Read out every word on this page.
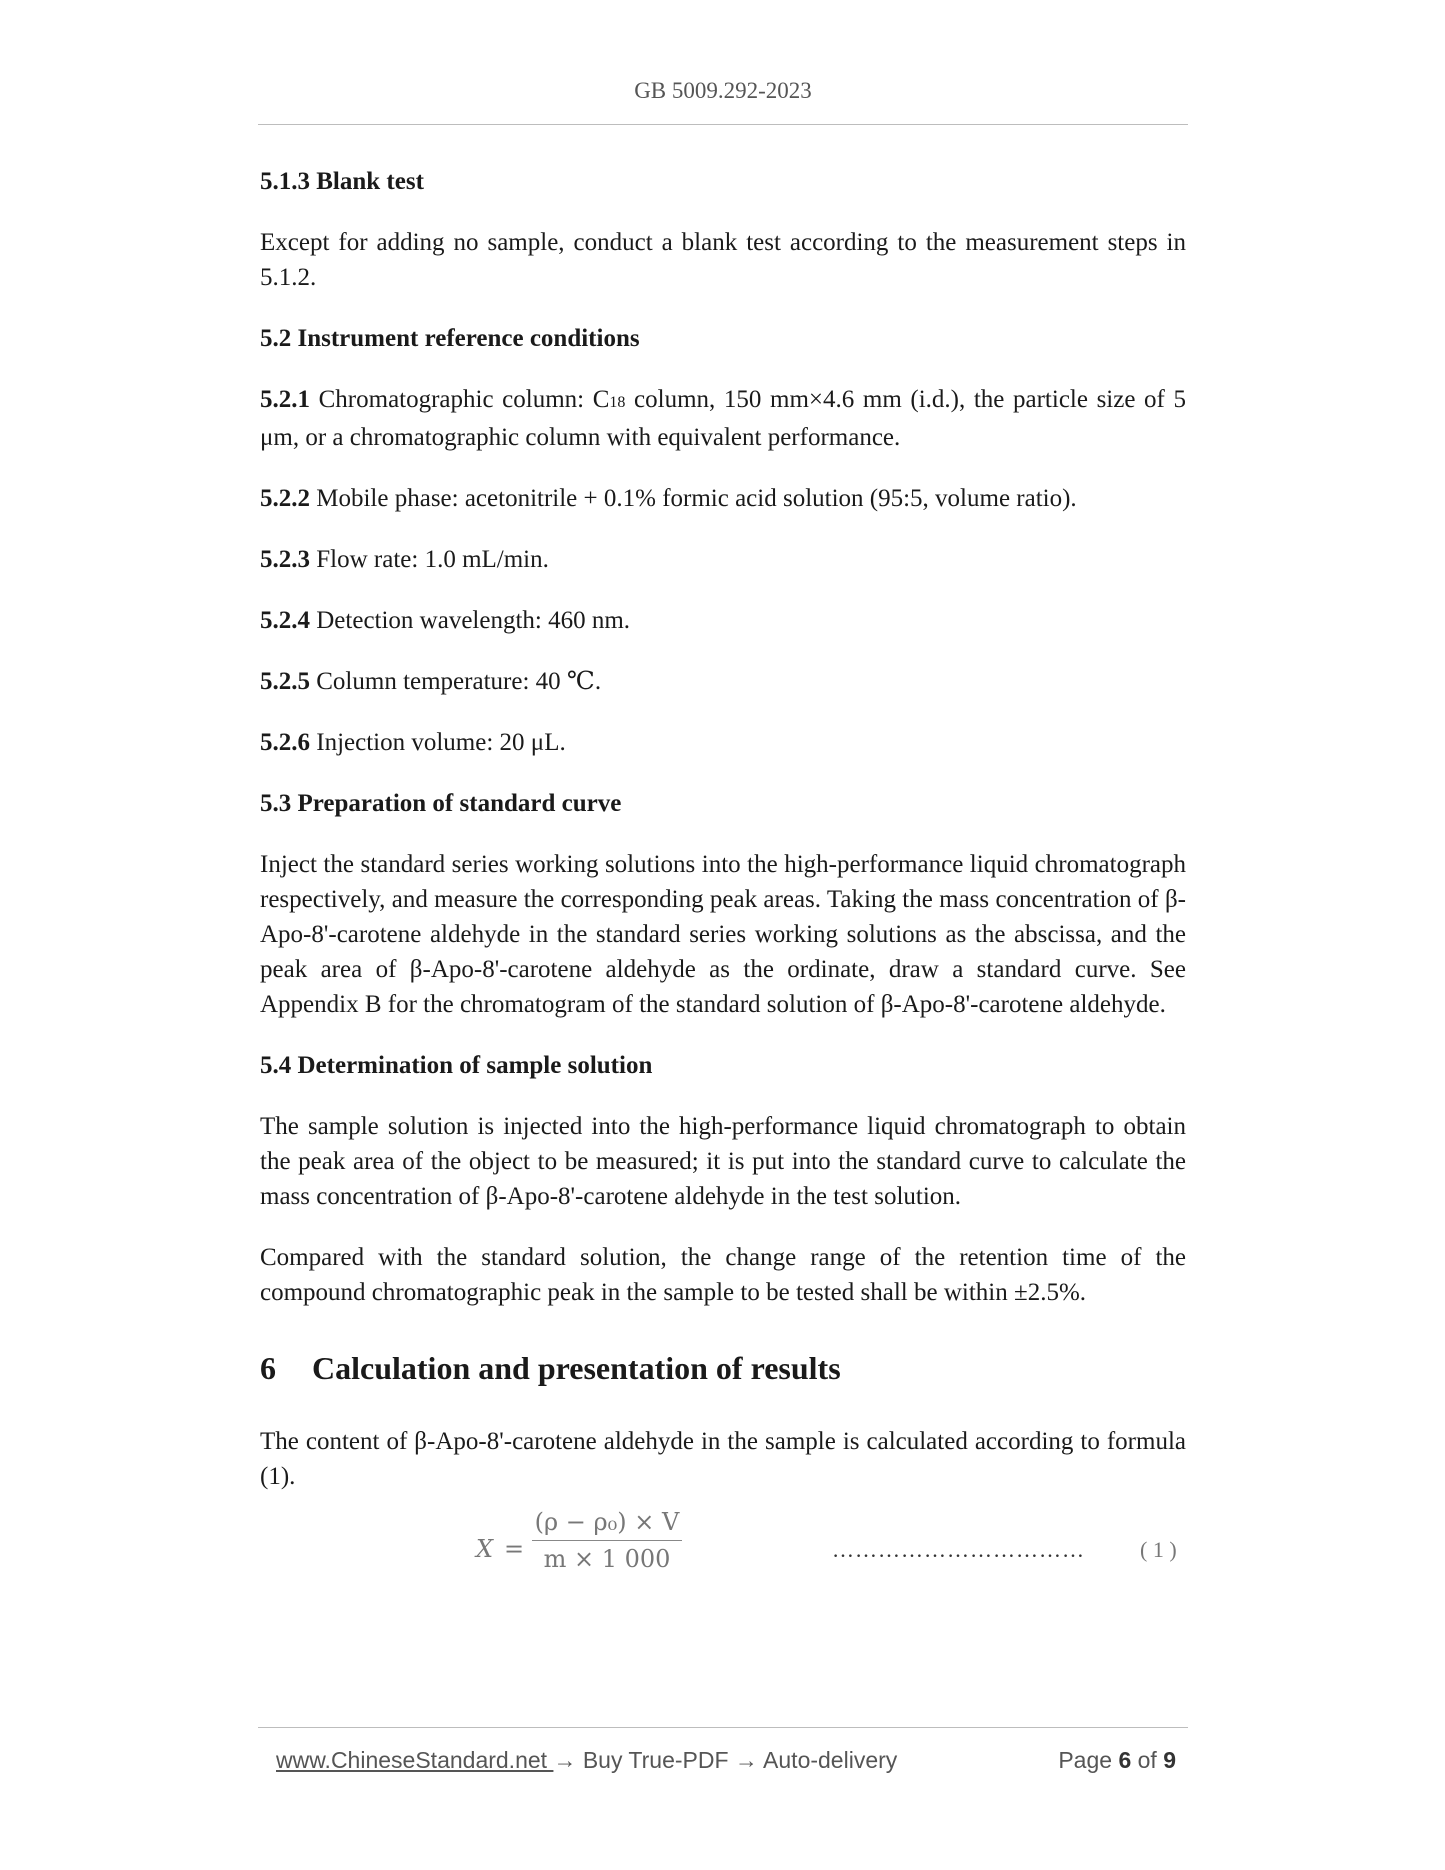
GB 5009.292-2023

5.1.3 Blank test

Except for adding no sample, conduct a blank test according to the measurement steps in 5.1.2.

5.2 Instrument reference conditions

5.2.1 Chromatographic column: C18 column, 150 mm×4.6 mm (i.d.), the particle size of 5 μm, or a chromatographic column with equivalent performance.

5.2.2 Mobile phase: acetonitrile + 0.1% formic acid solution (95:5, volume ratio).

5.2.3 Flow rate: 1.0 mL/min.

5.2.4 Detection wavelength: 460 nm.

5.2.5 Column temperature: 40 ℃.

5.2.6 Injection volume: 20 μL.

5.3 Preparation of standard curve

Inject the standard series working solutions into the high-performance liquid chromatograph respectively, and measure the corresponding peak areas. Taking the mass concentration of β-Apo-8'-carotene aldehyde in the standard series working solutions as the abscissa, and the peak area of β-Apo-8'-carotene aldehyde as the ordinate, draw a standard curve. See Appendix B for the chromatogram of the standard solution of β-Apo-8'-carotene aldehyde.

5.4 Determination of sample solution

The sample solution is injected into the high-performance liquid chromatograph to obtain the peak area of the object to be measured; it is put into the standard curve to calculate the mass concentration of β-Apo-8'-carotene aldehyde in the test solution.

Compared with the standard solution, the change range of the retention time of the compound chromatographic peak in the sample to be tested shall be within ±2.5%.

6 Calculation and presentation of results

The content of β-Apo-8'-carotene aldehyde in the sample is calculated according to formula (1).

X =
(ρ − ρ₀) × V
m × 1 000	……………………………	( 1 )
www.ChineseStandard.net → Buy True-PDF → Auto-delivery	Page 6 of 9
